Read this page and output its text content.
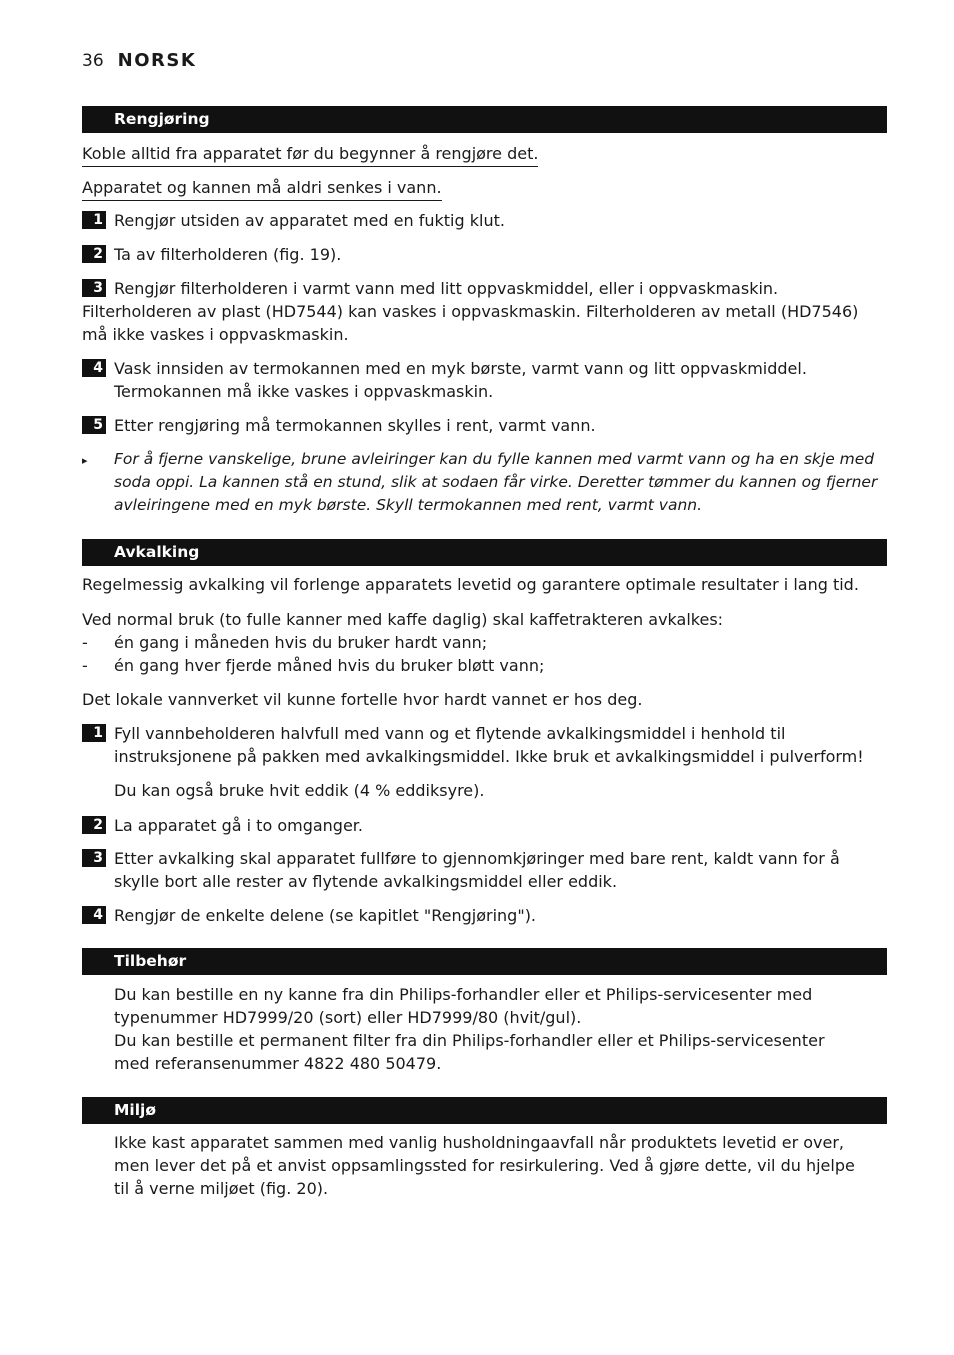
36 NORSK
Rengjøring
Koble alltid fra apparatet før du begynner å rengjøre det.
Apparatet og kannen må aldri senkes i vann.
1 Rengjør utsiden av apparatet med en fuktig klut.
2 Ta av filterholderen (fig. 19).
3 Rengjør filterholderen i varmt vann med litt oppvaskmiddel, eller i oppvaskmaskin.
Filterholderen av plast (HD7544) kan vaskes i oppvaskmaskin. Filterholderen av metall (HD7546)
må ikke vaskes i oppvaskmaskin.
4 Vask innsiden av termokannen med en myk børste, varmt vann og litt oppvaskmiddel.
Termokannen må ikke vaskes i oppvaskmaskin.
5 Etter rengjøring må termokannen skylles i rent, varmt vann.
▸ For å fjerne vanskelige, brune avleiringer kan du fylle kannen med varmt vann og ha en skje med
soda oppi. La kannen stå en stund, slik at sodaen får virke. Deretter tømmer du kannen og fjerner
avleiringene med en myk børste. Skyll termokannen med rent, varmt vann.
Avkalking
Regelmessig avkalking vil forlenge apparatets levetid og garantere optimale resultater i lang tid.
Ved normal bruk (to fulle kanner med kaffe daglig) skal kaffetrakteren avkalkes:
- én gang i måneden hvis du bruker hardt vann;
- én gang hver fjerde måned hvis du bruker bløtt vann;
Det lokale vannverket vil kunne fortelle hvor hardt vannet er hos deg.
1 Fyll vannbeholderen halvfull med vann og et flytende avkalkingsmiddel i henhold til
instruksjonene på pakken med avkalkingsmiddel. Ikke bruk et avkalkingsmiddel i pulverform!
Du kan også bruke hvit eddik (4 % eddiksyre).
2 La apparatet gå i to omganger.
3 Etter avkalking skal apparatet fullføre to gjennomkjøringer med bare rent, kaldt vann for å
skylle bort alle rester av flytende avkalkingsmiddel eller eddik.
4 Rengjør de enkelte delene (se kapitlet "Rengjøring").
Tilbehør
Du kan bestille en ny kanne fra din Philips-forhandler eller et Philips-servicesenter med
typenummer HD7999/20 (sort) eller HD7999/80 (hvit/gul).
Du kan bestille et permanent filter fra din Philips-forhandler eller et Philips-servicesenter
med referansenummer 4822 480 50479.
Miljø
Ikke kast apparatet sammen med vanlig husholdningaavfall når produktets levetid er over,
men lever det på et anvist oppsamlingssted for resirkulering. Ved å gjøre dette, vil du hjelpe
til å verne miljøet (fig. 20).
